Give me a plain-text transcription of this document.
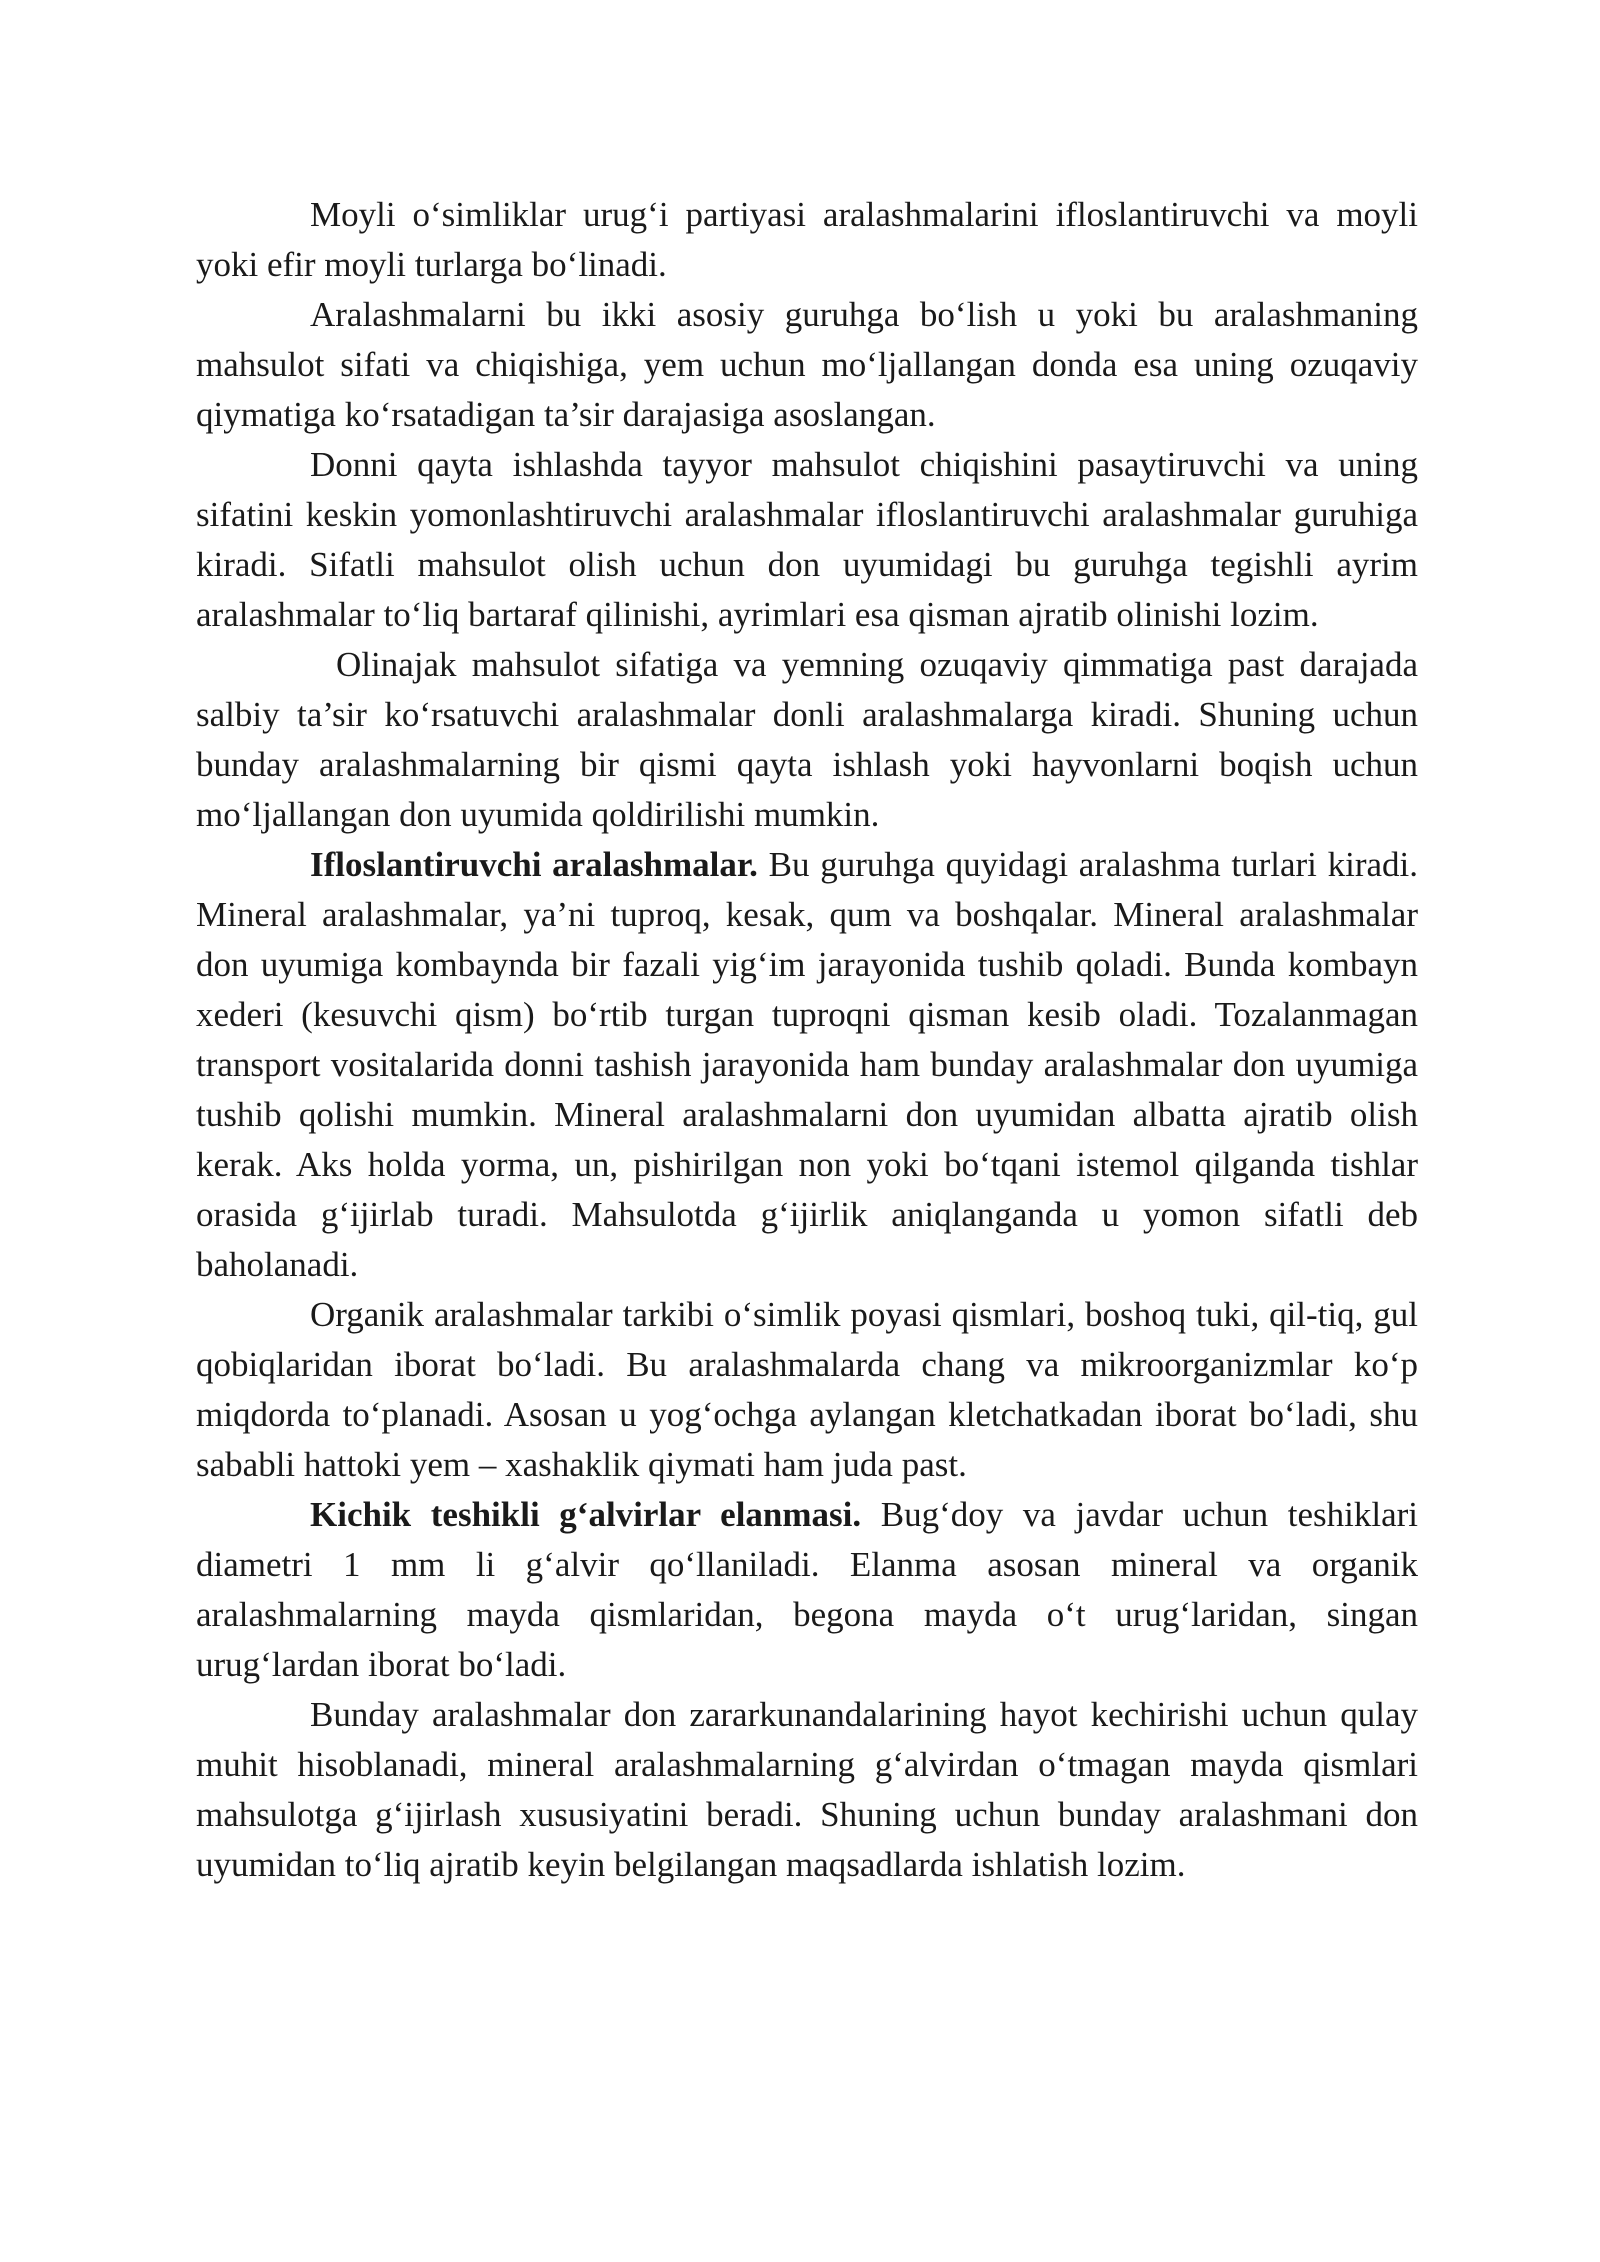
Moyli o‘simliklar urug‘i partiyasi aralashmalarini ifloslantiruvchi va moyli yoki efir moyli turlarga bo‘linadi.

Aralashmalarni bu ikki asosiy guruhga bo‘lish u yoki bu aralashmaning mahsulot sifati va chiqishiga, yem uchun mo‘ljallangan donda esa uning ozuqaviy qiymatiga ko‘rsatadigan ta’sir darajasiga asoslangan.

Donni qayta ishlashda tayyor mahsulot chiqishini pasaytiruvchi va uning sifatini keskin yomonlashtiruvchi aralashmalar ifloslantiruvchi aralashmalar guruhiga kiradi. Sifatli mahsulot olish uchun don uyumidagi bu guruhga tegishli ayrim aralashmalar to‘liq bartaraf qilinishi, ayrimlari esa qisman ajratib olinishi lozim.

Olinajak mahsulot sifatiga va yemning ozuqaviy qimmatiga past darajada salbiy ta’sir ko‘rsatuvchi aralashmalar donli aralashmalarga kiradi. Shuning uchun bunday aralashmalarning bir qismi qayta ishlash yoki hayvonlarni boqish uchun mo‘ljallangan don uyumida qoldirilishi mumkin.

Ifloslantiruvchi aralashmalar. Bu guruhga quyidagi aralashma turlari kiradi. Mineral aralashmalar, ya’ni tuproq, kesak, qum va boshqalar. Mineral aralashmalar don uyumiga kombaynda bir fazali yig‘im jarayonida tushib qoladi. Bunda kombayn xederi (kesuvchi qism) bo‘rtib turgan tuproqni qisman kesib oladi. Tozalanmagan transport vositalarida donni tashish jarayonida ham bunday aralashmalar don uyumiga tushib qolishi mumkin. Mineral aralashmalarni don uyumidan albatta ajratib olish kerak. Aks holda yorma, un, pishirilgan non yoki bo‘tqani istemol qilganda tishlar orasida g‘ijirlab turadi. Mahsulotda g‘ijirlik aniqlanganda u yomon sifatli deb baholanadi.

Organik aralashmalar tarkibi o‘simlik poyasi qismlari, boshoq tuki, qil-tiq, gul qobiqlaridan iborat bo‘ladi. Bu aralashmalarda chang va mikroorganizmlar ko‘p miqdorda to‘planadi. Asosan u yog‘ochga aylangan kletchatkadan iborat bo‘ladi, shu sababli hattoki yem – xashaklik qiymati ham juda past.

Kichik teshikli g‘alvirlar elanmasi. Bug‘doy va javdar uchun teshiklari diametri 1 mm li g‘alvir qo‘llaniladi. Elanma asosan mineral va organik aralashmalarning mayda qismlaridan, begona mayda o‘t urug‘laridan, singan urug‘lardan iborat bo‘ladi.

Bunday aralashmalar don zararkunandalarining hayot kechirishi uchun qulay muhit hisoblanadi, mineral aralashmalarning g‘alvirdan o‘tmagan mayda qismlari mahsulotga g‘ijirlash xususiyatini beradi. Shuning uchun bunday aralashmani don uyumidan to‘liq ajratib keyin belgilangan maqsadlarda ishlatish lozim.
